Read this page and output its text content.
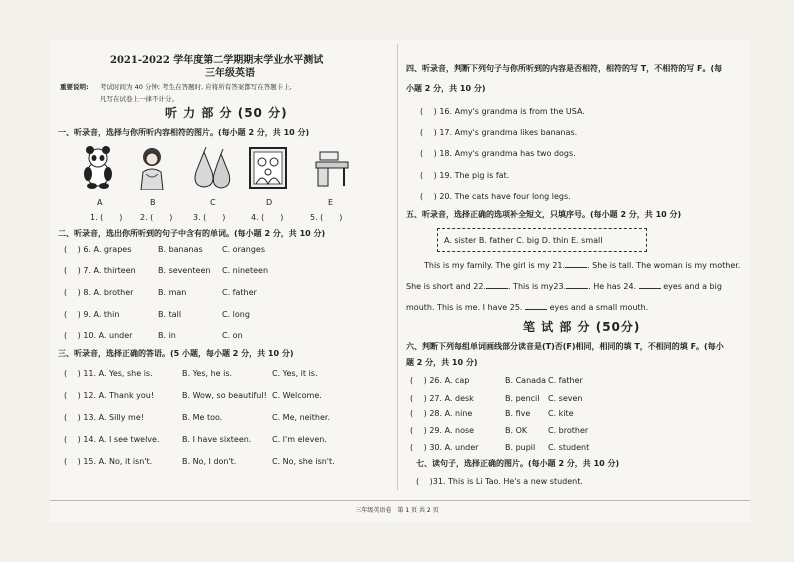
2021-2022 学年度第二学期期末学业水平测试
三年级英语
重要说明: 考试时间为 40 分钟; 考生在答题时, 应将所有答案都写在答题卡上,
凡写在试卷上一律不计分。
听 力 部 分 (50 分)
一、听录音，选择与你所听内容相符的图片。(每小题 2 分，共 10 分)
A	B	C	D	E
1. (　　) 2. (　　)	3. (　　)	4. (　　)	5. (　　)
二、听录音，选出你所听到的句子中含有的单词。(每小题 2 分，共 10 分)
(　 ) 6. A. grapes	B. bananas C. oranges
(　 ) 7. A. thirteen	B. seventeen C. nineteen
(　 ) 8. A. brother	B. man	C. father
(　 ) 9. A. thin	B. tall	C. long
(　 ) 10. A. under	B. in	C. on
三、听录音，选择正确的答语。(5 小题，每小题 2 分，共 10 分)
(　 ) 11. A. Yes, she is.	B. Yes, he is.	C. Yes, it is.
(　 ) 12. A. Thank you!	B. Wow, so beautiful! C. Welcome.
(　 ) 13. A. Silly me!	B. Me too.	C. Me, neither.
(　 ) 14. A. I see twelve.	B. I have sixteen.	C. I'm eleven.
(　 ) 15. A. No, it isn't.	B. No, I don't.	C. No, she isn't.
四、听录音，判断下列句子与你所听到的内容是否相符，相符的写 T，不相符的写 F。(每
小题 2 分，共 10 分)
(　 ) 16. Amy's grandma is from the USA.
(　 ) 17. Amy's grandma likes bananas.
(　 ) 18. Amy's grandma has two dogs.
(　 ) 19. The pig is fat.
(　 ) 20. The cats have four long legs.
五、听录音，选择正确的选项补全短文，只填序号。(每小题 2 分，共 10 分)
A. sister B. father C. big D. thin E. small
This is my family. The girl is my 21.	. She is tall. The woman is my mother.
She is short and 22.	. This is my23.	. He has 24.	eyes and a big
mouth. This is me. I have 25.	eyes and a small mouth.
笔 试 部 分 (50分)
六、判断下列每组单词画线部分读音是(T)否(F)相同，相同的填 T，不相同的填 F。(每小
题 2 分，共 10 分)
(　 ) 26. A. cap	B. Canada C. father
(　 ) 27. A. desk	B. pencil C. seven
(　 ) 28. A. nine	B. five C. kite
(　 ) 29. A. nose	B. OK	C. brother
(　 ) 30. A. under	B. pupil C. student
七、读句子，选择正确的图片。(每小题 2 分，共 10 分)
(　 )31. This is Li Tao. He's a new student.
三年级英语卷　第 1 页 共 2 页
